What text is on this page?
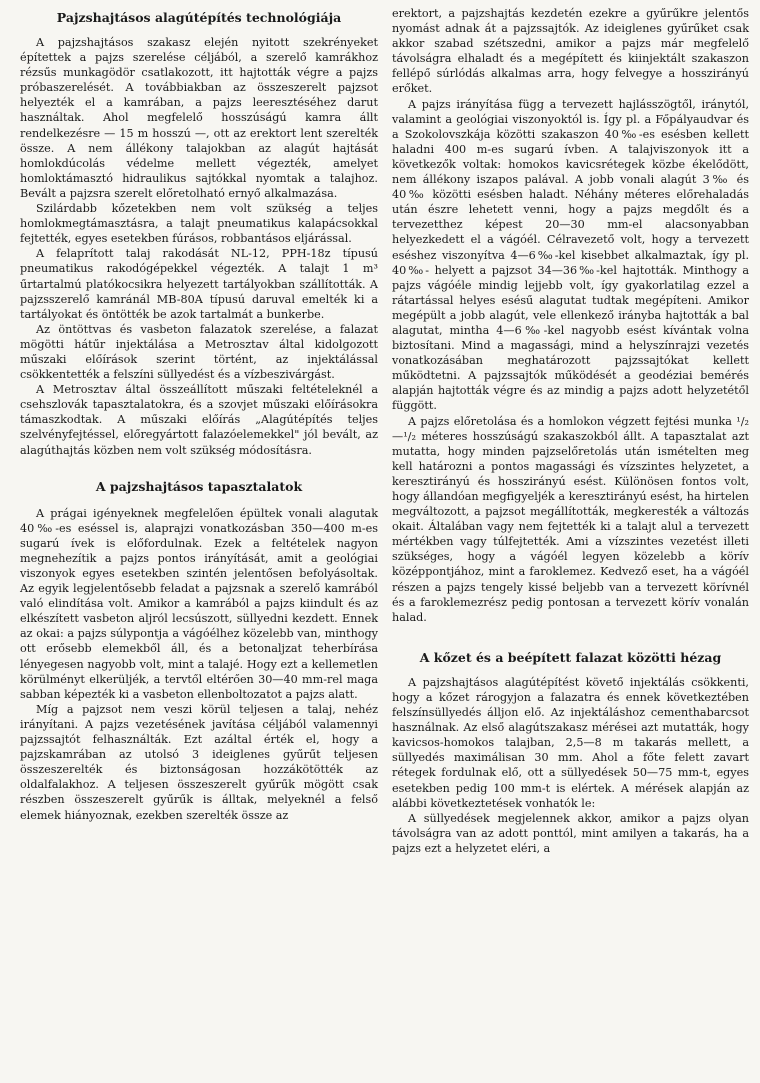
Pajzshajtásos alagútépítés technológiája

A pajzshajtásos szakasz elején nyitott szekrényeket építettek a pajzs szerelése céljából, a szerelő kamrákhoz rézsűs munkagödör csatlakozott, itt hajtották végre a pajzs próbaszerelését. A továbbiakban az összeszerelt pajzsot helyezték el a kamrában, a pajzs leeresztéséhez darut használtak. Ahol megfelelő hosszúságú kamra állt rendelkezésre — 15 m hosszú —, ott az erektort lent szerelték össze. A nem állékony talajokban az alagút hajtását homlokdúcolás védelme mellett végezték, amelyet homloktámasztó hidraulikus sajtókkal nyomtak a talajhoz. Bevált a pajzsra szerelt előretolható ernyő alkalmazása.

Szilárdabb kőzetekben nem volt szükség a teljes homlokmegtámasztásra, a talajt pneumatikus kalapácsokkal fejtették, egyes esetekben fúrásos, robbantásos eljárással.

A felaprított talaj rakodását NL-12, PPH-18z típusú pneumatikus rakodógépekkel végezték. A talajt 1 m³ űrtartalmú platókocsikra helyezett tartályokban szállították. A pajzsszerelő kamránál MB-80A típusú daruval emelték ki a tartályokat és öntötték be azok tartalmát a bunkerbe.

Az öntöttvas és vasbeton falazatok szerelése, a falazat mögötti hátűr injektálása a Metrosztav által kidolgozott műszaki előírások szerint történt, az injektálással csökkentették a felszíni süllyedést és a vízbeszivárgást.

A Metrosztav által összeállított műszaki feltételeknél a csehszlovák tapasztalatokra, és a szovjet műszaki előírásokra támaszkodtak. A műszaki előírás „Alagútépítés teljes szelvényfejtéssel, előregyártott falazóelemekkel" jól bevált, az alagúthajtás közben nem volt szükség módosításra.

A pajzshajtásos tapasztalatok

A prágai igényeknek megfelelően épültek vonali alagutak 40‰-es eséssel is, alaprajzi vonatkozásban 350—400 m-es sugarú ívek is előfordulnak. Ezek a feltételek nagyon megnehezítik a pajzs pontos irányítását, amit a geológiai viszonyok egyes esetekben szintén jelentősen befolyásoltak. Az egyik legjelentősebb feladat a pajzsnak a szerelő kamrából való elindítása volt. Amikor a kamrából a pajzs kiindult és az elkészített vasbeton aljról lecsúszott, süllyedni kezdett. Ennek az okai: a pajzs súlypontja a vágóélhez közelebb van, minthogy ott erősebb elemekből áll, és a betonaljzat teherbírása lényegesen nagyobb volt, mint a talajé. Hogy ezt a kellemetlen körülményt elkerüljék, a tervtől eltérően 30—40 mm-rel maga sabban képezték ki a vasbeton ellenboltozatot a pajzs alatt.

Míg a pajzsot nem veszi körül teljesen a talaj, nehéz irányítani. A pajzs vezetésének javítása céljából valamennyi pajzssajtót felhasználták. Ezt azáltal érték el, hogy a pajzskamrában az utolsó 3 ideiglenes gyűrűt teljesen összeszerelték és biztonságosan hozzákötötték az oldalfalakhoz. A teljesen összeszerelt gyűrűk mögött csak részben összeszerelt gyűrűk is álltak, melyeknél a felső elemek hiányoznak, ezekben szerelték össze az

erektort, a pajzshajtás kezdetén ezekre a gyűrűkre jelentős nyomást adnak át a pajzssajtók. Az ideiglenes gyűrűket csak akkor szabad szétszedni, amikor a pajzs már megfelelő távolságra elhaladt és a megépített és kiinjektált szakaszon fellépő súrlódás alkalmas arra, hogy felvegye a hosszirányú erőket.

A pajzs irányítása függ a tervezett hajlásszögtől, iránytól, valamint a geológiai viszonyoktól is. Így pl. a Főpályaudvar és a Szokolovszkája közötti szakaszon 40‰-es esésben kellett haladni 400 m-es sugarú ívben. A talajviszonyok itt a következők voltak: homokos kavicsrétegek közbe ékelődött, nem állékony iszapos palával. A jobb vonali alagút 3‰ és 40‰ közötti esésben haladt. Néhány méteres előrehaladás után észre lehetett venni, hogy a pajzs megdőlt és a tervezetthez képest 20—30 mm-el alacsonyabban helyezkedett el a vágóél. Célravezető volt, hogy a tervezett eséshez viszonyítva 4—6‰-kel kisebbet alkalmaztak, így pl. 40‰- helyett a pajzsot 34—36‰-kel hajtották. Minthogy a pajzs vágóéle mindig lejjebb volt, így gyakorlatilag ezzel a rátartással helyes esésű alagutat tudtak megépíteni. Amikor megépült a jobb alagút, vele ellenkező irányba hajtották a bal alagutat, mintha 4—6‰-kel nagyobb esést kívántak volna biztosítani. Mind a magassági, mind a helyszínrajzi vezetés vonatkozásában meghatározott pajzssajtókat kellett működtetni. A pajzssajtók működését a geodéziai bemérés alapján hajtották végre és az mindig a pajzs adott helyzetétől függött.

A pajzs előretolása és a homlokon végzett fejtési munka ¹/₂—¹/₂ méteres hosszúságú szakaszokból állt. A tapasztalat azt mutatta, hogy minden pajzselőretolás után ismételten meg kell határozni a pontos magassági és vízszintes helyzetet, a keresztirányú és hosszirányú esést. Különösen fontos volt, hogy állandóan megfigyeljék a keresztirányú esést, ha hirtelen megváltozott, a pajzsot megállították, megkeresték a változás okait. Általában vagy nem fejtették ki a talajt alul a tervezett mértékben vagy túlfejtették. Ami a vízszintes vezetést illeti szükséges, hogy a vágóél legyen közelebb a körív középpontjához, mint a faroklemez. Kedvező eset, ha a vágóél részen a pajzs tengely kissé beljebb van a tervezett körívnél és a faroklemezrész pedig pontosan a tervezett körív vonalán halad.

A kőzet és a beépített falazat közötti hézag

A pajzshajtásos alagútépítést követő injektálás csökkenti, hogy a kőzet rárogyjon a falazatra és ennek következtében felszínsüllyedés álljon elő. Az injektáláshoz cementhabarcsot használnak. Az első alagútszakasz mérései azt mutatták, hogy kavicsos-homokos talajban, 2,5—8 m takarás mellett, a süllyedés maximálisan 30 mm. Ahol a főte felett zavart rétegek fordulnak elő, ott a süllyedések 50—75 mm-t, egyes esetekben pedig 100 mm-t is elértek. A mérések alapján az alábbi következtetések vonhatók le:

A süllyedések megjelennek akkor, amikor a pajzs olyan távolságra van az adott ponttól, mint amilyen a takarás, ha a pajzs ezt a helyzetet eléri, a
